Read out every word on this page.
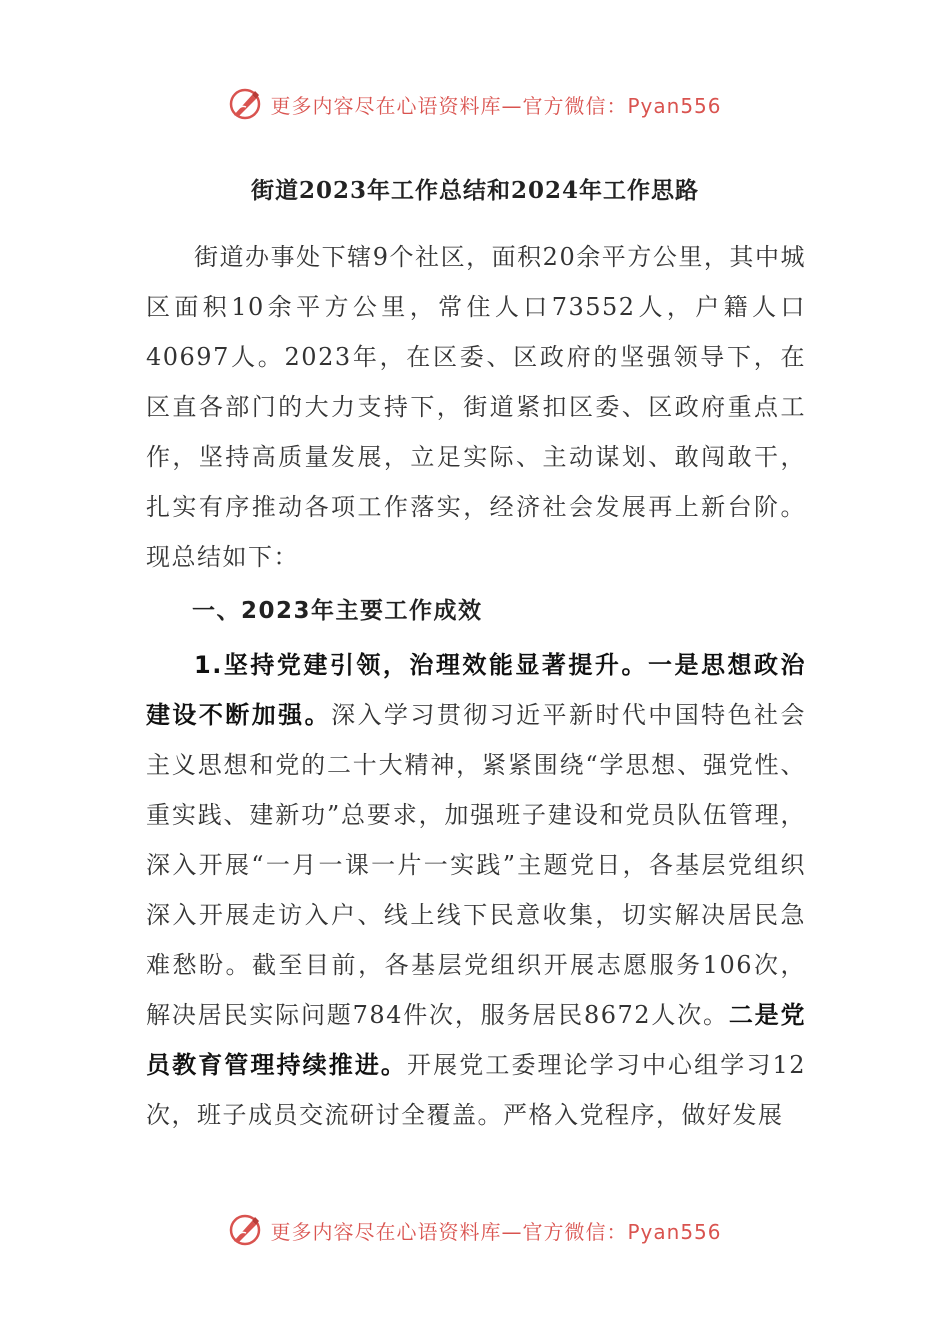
更多内容尽在心语资料库—官方微信：Pyan556
街道2023年工作总结和2024年工作思路

街道办事处下辖9个社区，面积20余平方公里，其中城区面积10余平方公里，常住人口73552人，户籍人口40697人。2023年，在区委、区政府的坚强领导下，在区直各部门的大力支持下，街道紧扣区委、区政府重点工作，坚持高质量发展，立足实际、主动谋划、敢闯敢干，扎实有序推动各项工作落实，经济社会发展再上新台阶。现总结如下：

一、2023年主要工作成效

1.坚持党建引领，治理效能显著提升。一是思想政治建设不断加强。深入学习贯彻习近平新时代中国特色社会主义思想和党的二十大精神，紧紧围绕“学思想、强党性、重实践、建新功”总要求，加强班子建设和党员队伍管理，深入开展“一月一课一片一实践”主题党日，各基层党组织深入开展走访入户、线上线下民意收集，切实解决居民急难愁盼。截至目前，各基层党组织开展志愿服务106次，解决居民实际问题784件次，服务居民8672人次。二是党员教育管理持续推进。开展党工委理论学习中心组学习12次，班子成员交流研讨全覆盖。严格入党程序，做好发展

更多内容尽在心语资料库—官方微信：Pyan556
